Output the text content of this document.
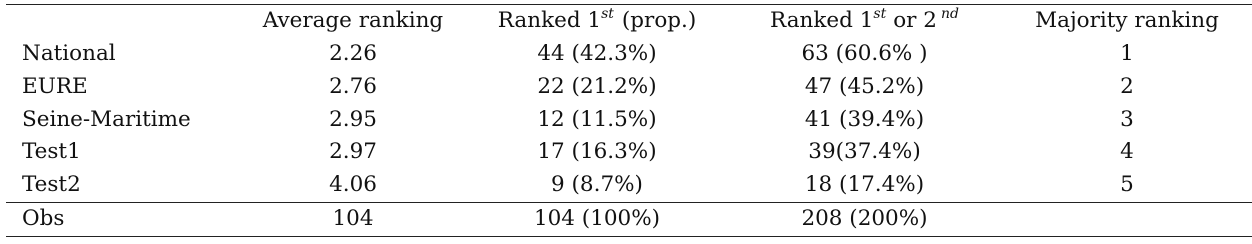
	Average ranking	Ranked 1st (prop.)	Ranked 1st or 2 $^{nd}$	Majority ranking
National	2.26	44 (42.3%)	63 (60.6% )	1
EURE	2.76	22 (21.2%)	47 (45.2%)	2
Seine-Maritime	2.95	12 (11.5%)	41 (39.4%)	3
Test1	2.97	17 (16.3%)	39(37.4%)	4
Test2	4.06	9 (8.7%)	18 (17.4%)	5
Obs	104	104 (100%)	208 (200%)	
